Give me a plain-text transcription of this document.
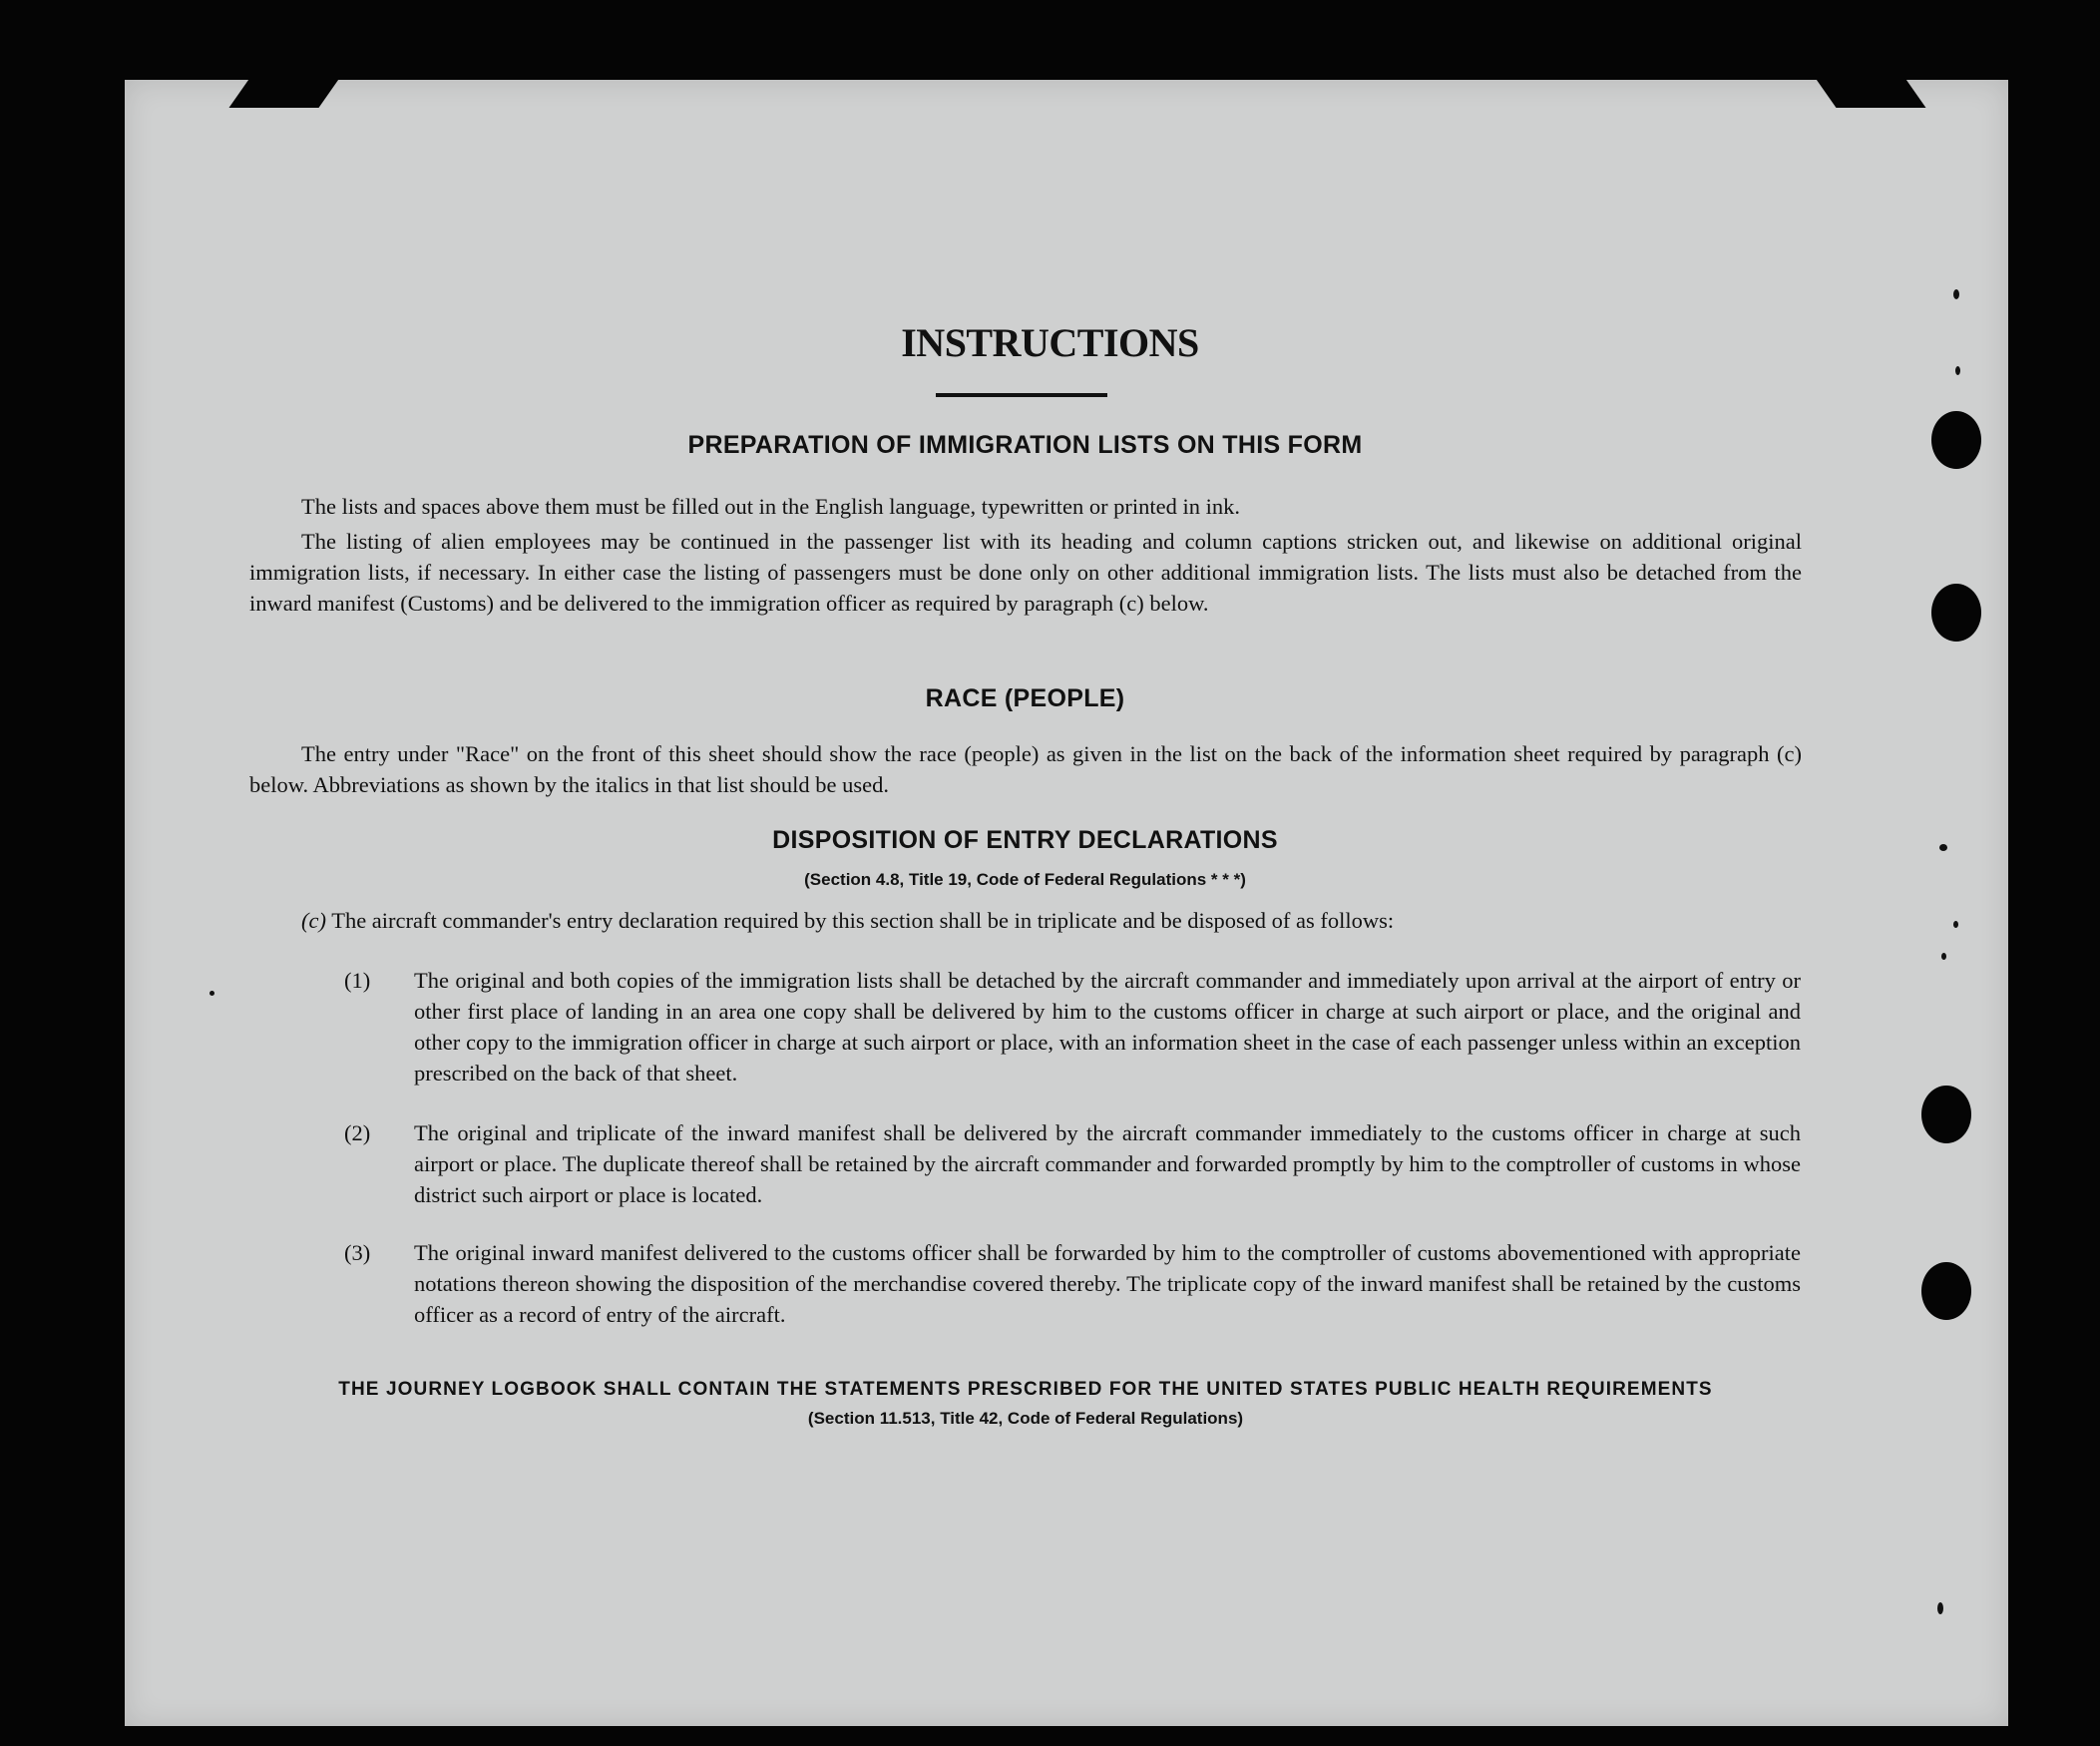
INSTRUCTIONS
PREPARATION OF IMMIGRATION LISTS ON THIS FORM

The lists and spaces above them must be filled out in the English language, typewritten or printed in ink.

The listing of alien employees may be continued in the passenger list with its heading and column captions stricken out, and likewise on additional original immigration lists, if necessary. In either case the listing of passengers must be done only on other additional immigration lists. The lists must also be detached from the inward manifest (Customs) and be delivered to the immigration officer as required by paragraph (c) below.

RACE (PEOPLE)

The entry under "Race" on the front of this sheet should show the race (people) as given in the list on the back of the information sheet required by paragraph (c) below. Abbreviations as shown by the italics in that list should be used.

DISPOSITION OF ENTRY DECLARATIONS
(Section 4.8, Title 19, Code of Federal Regulations * * *)

(c) The aircraft commander's entry declaration required by this section shall be in triplicate and be disposed of as follows:

(1) The original and both copies of the immigration lists shall be detached by the aircraft commander and immediately upon arrival at the airport of entry or other first place of landing in an area one copy shall be delivered by him to the customs officer in charge at such airport or place, and the original and other copy to the immigration officer in charge at such airport or place, with an information sheet in the case of each passenger unless within an exception prescribed on the back of that sheet.
(2) The original and triplicate of the inward manifest shall be delivered by the aircraft commander immediately to the customs officer in charge at such airport or place. The duplicate thereof shall be retained by the aircraft commander and forwarded promptly by him to the comptroller of customs in whose district such airport or place is located.
(3) The original inward manifest delivered to the customs officer shall be forwarded by him to the comptroller of customs abovementioned with appropriate notations thereon showing the disposition of the merchandise covered thereby. The triplicate copy of the inward manifest shall be retained by the customs officer as a record of entry of the aircraft.
THE JOURNEY LOGBOOK SHALL CONTAIN THE STATEMENTS PRESCRIBED FOR THE UNITED STATES PUBLIC HEALTH REQUIREMENTS
(Section 11.513, Title 42, Code of Federal Regulations)
